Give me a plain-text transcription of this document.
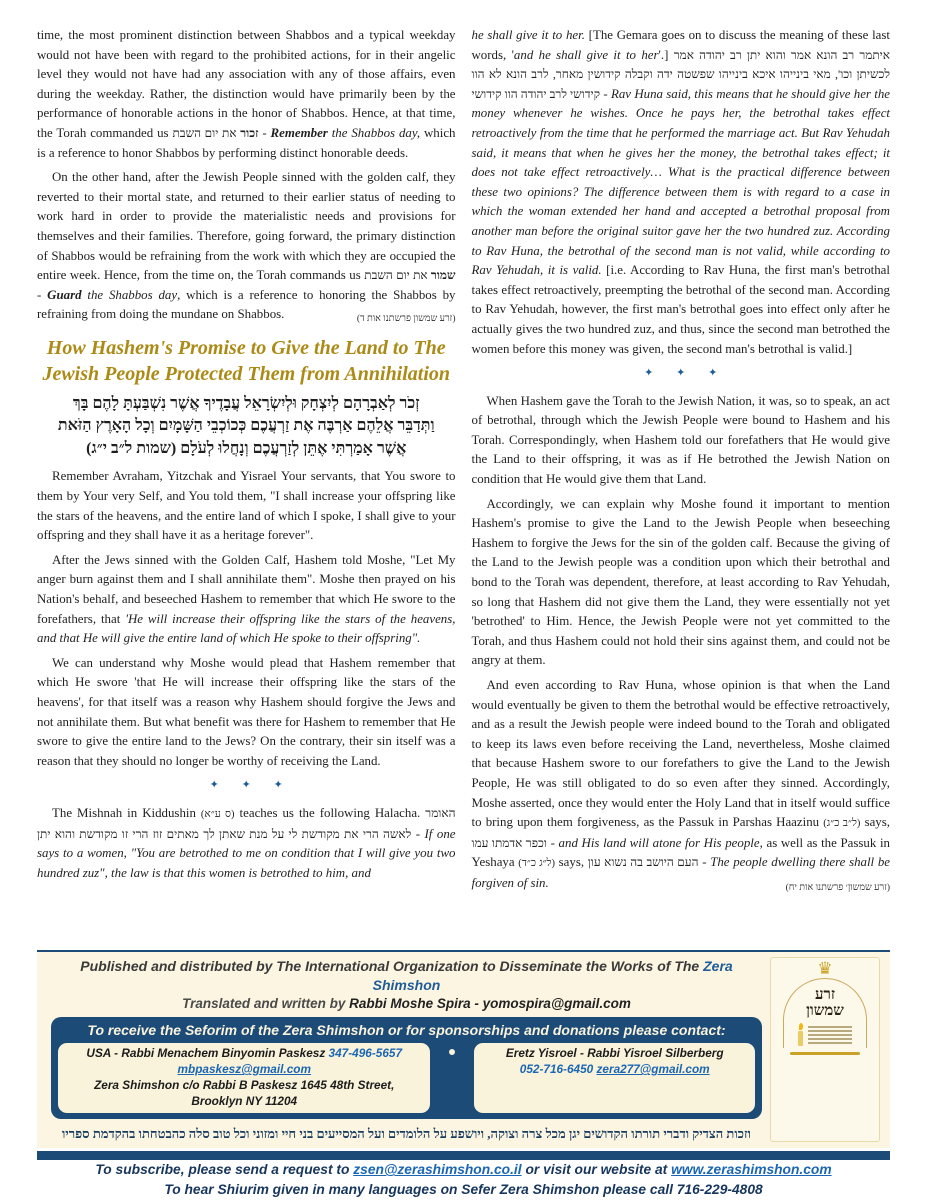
time, the most prominent distinction between Shabbos and a typical weekday would not have been with regard to the prohibited actions, for in their angelic level they would not have had any association with any of those affairs, even during the weekday. Rather, the distinction would have primarily been by the performance of honorable actions in the honor of Shabbos. Hence, at that time, the Torah commanded us	זכור את יום השבת - Remember the Shabbos day, which is a reference to honor Shabbos by performing distinct honorable deeds.

On the other hand, after the Jewish People sinned with the golden calf, they reverted to their mortal state, and returned to their earlier status of needing to work hard in order to provide the materialistic needs and provisions for themselves and their families. Therefore, going forward, the primary distinction of Shabbos would be refraining from the work with which they are occupied the entire week. Hence, from the time on, the Torah commands us	שמור את יום השבת - Guard the Shabbos day, which is a reference to honoring the Shabbos by refraining from doing the mundane on Shabbos.	(זרע שמשון פרשתנו אות ד)

How Hashem's Promise to Give the Land to The Jewish People Protected Them from Annihilation
זְכֹר לְאַבְרָהָם לְיִצְחָק וּלְיִשְׂרָאֵל עֲבָדֶיךָ אֲשֶׁר נִשְׁבַּעְתָּ לָהֶם בָּךְ
וַתְּדַבֵּר אֲלֵהֶם אַרְבֶּה אֶת זַרְעֲכֶם כְּכוֹכְבֵי הַשָּׁמָיִם וְכָל הָאָרֶץ הַזֹּאת
אֲשֶׁר אָמַרְתִּי אֶתֵּן לְזַרְעֲכֶם וְנָחֲלוּ לְעֹלָם (שמות ל״ב י״ג)

Remember Avraham, Yitzchak and Yisrael Your servants, that You swore to them by Your very Self, and You told them, "I shall increase your offspring like the stars of the heavens, and the entire land of which I spoke, I shall give to your offspring and they shall have it as a heritage forever".

After the Jews sinned with the Golden Calf, Hashem told Moshe, "Let My anger burn against them and I shall annihilate them". Moshe then prayed on his Nation's behalf, and beseeched Hashem to remember that which He swore to the forefathers, that 'He will increase their offspring like the stars of the heavens, and that He will give the entire land of which He spoke to their offspring".

We can understand why Moshe would plead that Hashem remember that which He swore 'that He will increase their offspring like the stars of the heavens', for that itself was a reason why Hashem should forgive the Jews and not annihilate them. But what benefit was there for Hashem to remember that He swore to give the entire land to the Jews? On the contrary, their sin itself was a reason that they should no longer be worthy of receiving the Land.

✦ ✦ ✦

The Mishnah in Kiddushin (ס ע״א) teaches us the following Halacha. האומר לאשה הרי את מקודשת לי על מנת שאתן לך מאתים זוז הרי זו מקודשת והוא יתן - If one says to a women, "You are betrothed to me on condition that I will give you two hundred zuz", the law is that this women is betrothed to him, and

he shall give it to her. [The Gemara goes on to discuss the meaning of these last words, 'and he shall give it to her'.] איתמר רב הונא אמר והוא יתן רב יהודה אמר לכשיתן וכו', מאי בינייהו איכא בינייהו שפשטה ידה וקבלה קידושין מאחר, לרב הונא לא הוו קידושי לרב יהודה הוו קידושי - Rav Huna said, this means that he should give her the money whenever he wishes. Once he pays her, the betrothal takes effect retroactively from the time that he performed the marriage act. But Rav Yehudah said, it means that when he gives her the money, the betrothal takes effect; it does not take effect retroactively… What is the practical difference between these two opinions? The difference between them is with regard to a case in which the woman extended her hand and accepted a betrothal proposal from another man before the original suitor gave her the two hundred zuz. According to Rav Huna, the betrothal of the second man is not valid, while according to Rav Yehudah, it is valid. [i.e. According to Rav Huna, the first man's betrothal takes effect retroactively, preempting the betrothal of the second man. According to Rav Yehudah, however, the first man's betrothal goes into effect only after he actually gives the two hundred zuz, and thus, since the second man betrothed the women before this money was given, the second man's betrothal is valid.]

✦ ✦ ✦

When Hashem gave the Torah to the Jewish Nation, it was, so to speak, an act of betrothal, through which the Jewish People were bound to Hashem and his Torah. Correspondingly, when Hashem told our forefathers that He would give the Land to their offspring, it was as if He betrothed the Jewish Nation on condition that He would give them that Land.

Accordingly, we can explain why Moshe found it important to mention Hashem's promise to give the Land to the Jewish People when beseeching Hashem to forgive the Jews for the sin of the golden calf. Because the giving of the Land to the Jewish people was a condition upon which their betrothal and bond to the Torah was dependent, therefore, at least according to Rav Yehudah, so long that Hashem did not give them the Land, they were essentially not yet 'betrothed' to Him. Hence, the Jewish People were not yet committed to the Torah, and thus Hashem could not hold their sins against them, and could not be angry at them.

And even according to Rav Huna, whose opinion is that when the Land would eventually be given to them the betrothal would be effective retroactively, and as a result the Jewish people were indeed bound to the Torah and obligated to keep its laws even before receiving the Land, nevertheless, Moshe claimed that because Hashem swore to our forefathers to give the Land to the Jewish People, He was still obligated to do so even after they sinned. Accordingly, Moshe asserted, once they would enter the Holy Land that in itself would suffice to bring upon them forgiveness, as the Passuk in Parshas Haazinu (ל״ב כ״ג) says, וכפר אדמתו עמו - and His land will atone for His people, as well as the Passuk in Yeshaya (ל״ג כ״ד) says, העם היושב בה נשוא עון - The people dwelling there shall be forgiven of sin.	(זרע שמשון׳ פרשתנו אות יח)

Published and distributed by The International Organization to Disseminate the Works of The Zera Shimshon
Translated and written by Rabbi Moshe Spira - yomospira@gmail.com
To receive the Seforim of the Zera Shimshon or for sponsorships and donations please contact:
USA - Rabbi Menachem Binyomin Paskesz 347-496-5657 mbpaskesz@gmail.com
Zera Shimshon c/o Rabbi B Paskesz 1645 48th Street, Brooklyn NY 11204
Eretz Yisroel - Rabbi Yisroel Silberberg
052-716-6450 zera277@gmail.com
וזכות הצדיק ודברי תורתו הקדושים יגן מכל צרה וצוקה, ויושפע על הלומדים ועל המסייעים בני חיי ומזוני וכל טוב סלה כהבטחתו בהקדמת ספריו
♛
זרע
שמשון
To subscribe, please send a request to zsen@zerashimshon.co.il or visit our website at www.zerashimshon.com
To hear Shiurim given in many languages on Sefer Zera Shimshon please call 716-229-4808
